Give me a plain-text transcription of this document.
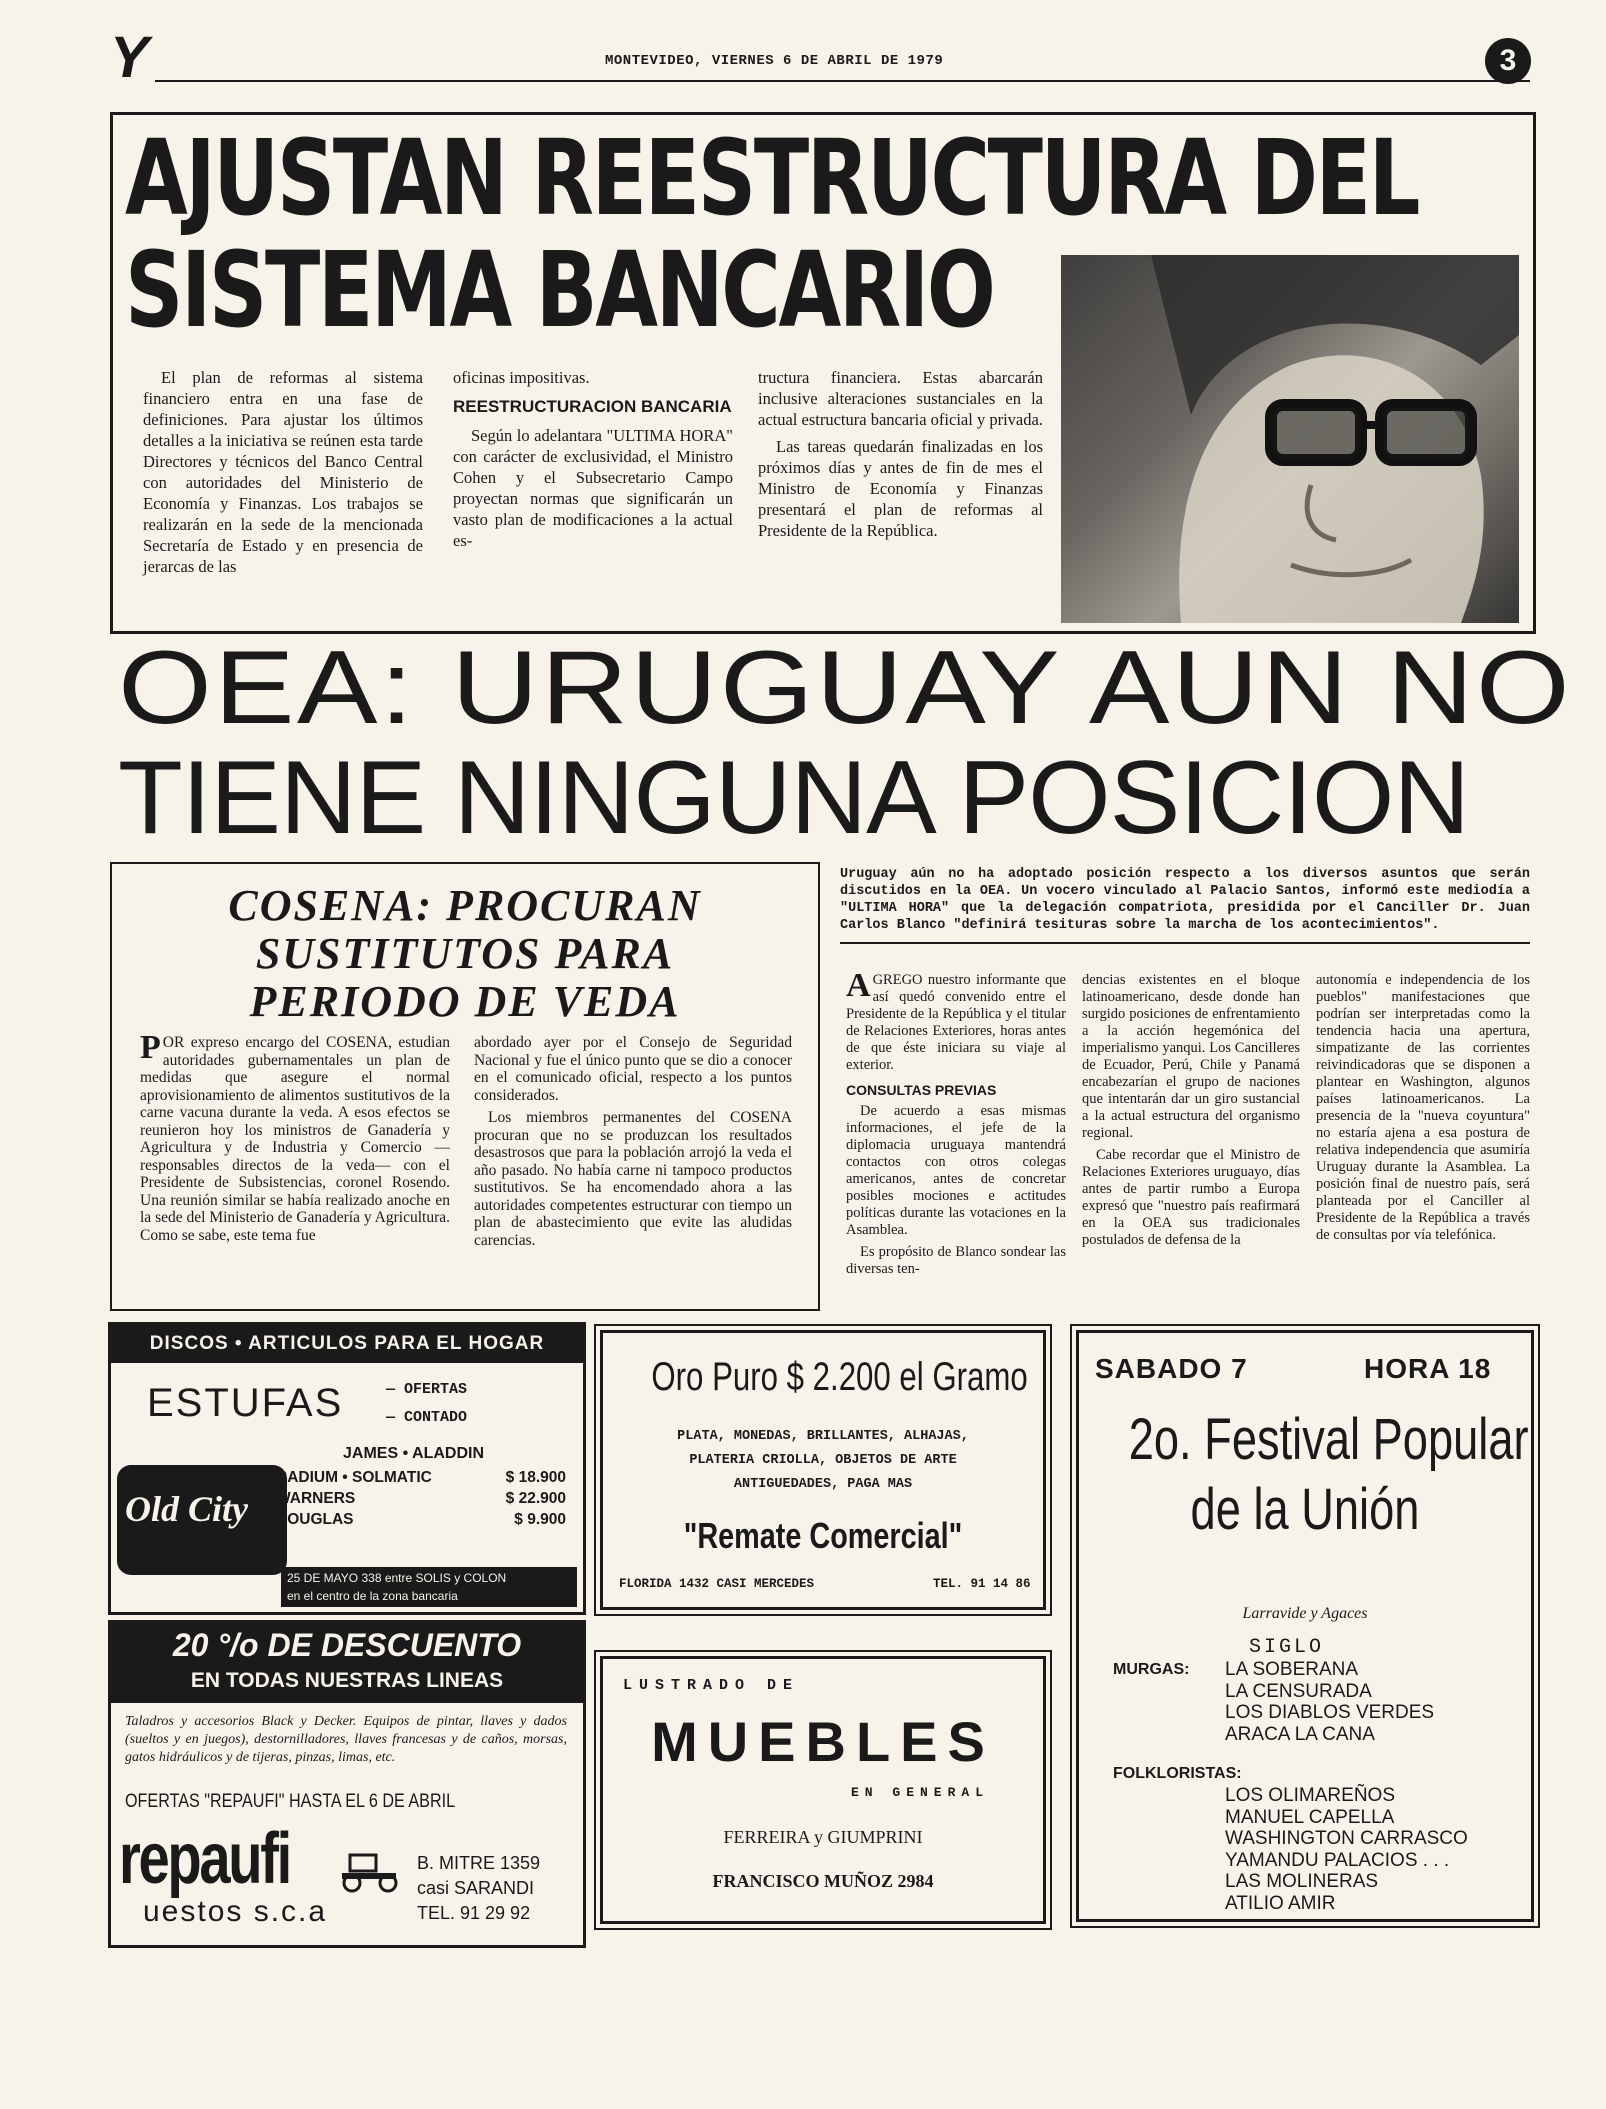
Y	MONTEVIDEO, VIERNES 6 DE ABRIL DE 1979	3
AJUSTAN REESTRUCTURA DEL
SISTEMA BANCARIO

El plan de reformas al sistema financiero entra en una fase de definiciones. Para ajustar los últimos detalles a la iniciativa se reúnen esta tarde Directores y técnicos del Banco Central con autoridades del Ministerio de Economía y Finanzas. Los trabajos se realizarán en la sede de la mencionada Secretaría de Estado y en presencia de jerarcas de las

oficinas impositivas.

REESTRUCTURACION BANCARIA

Según lo adelantara "ULTIMA HORA" con carácter de exclusividad, el Ministro Cohen y el Subsecretario Campo proyectan normas que significarán un vasto plan de modificaciones a la actual es-

tructura financiera. Estas abarcarán inclusive alteraciones sustanciales en la actual estructura bancaria oficial y privada.

Las tareas quedarán finalizadas en los próximos días y antes de fin de mes el Ministro de Economía y Finanzas presentará el plan de reformas al Presidente de la República.

OEA: URUGUAY AUN NO
TIENE NINGUNA POSICION
COSENA: PROCURAN
SUSTITUTOS PARA
PERIODO DE VEDA

POR expreso encargo del COSENA, estudian autoridades gubernamentales un plan de medidas que asegure el normal aprovisionamiento de alimentos sustitutivos de la carne vacuna durante la veda. A esos efectos se reunieron hoy los ministros de Ganadería y Agricultura y de Industria y Comercio —responsables directos de la veda— con el Presidente de Subsistencias, coronel Rosendo. Una reunión similar se había realizado anoche en la sede del Ministerio de Ganadería y Agricultura. Como se sabe, este tema fue

abordado ayer por el Consejo de Seguridad Nacional y fue el único punto que se dio a conocer en el comunicado oficial, respecto a los puntos considerados.

Los miembros permanentes del COSENA procuran que no se produzcan los resultados desastrosos que para la población arrojó la veda el año pasado. No había carne ni tampoco productos sustitutivos. Se ha encomendado ahora a las autoridades competentes estructurar con tiempo un plan de abastecimiento que evite las aludidas carencias.

Uruguay aún no ha adoptado posición respecto a los diversos asuntos que serán discutidos en la OEA. Un vocero vinculado al Palacio Santos, informó este mediodía a "ULTIMA HORA" que la delegación compatriota, presidida por el Canciller Dr. Juan Carlos Blanco "definirá tesituras sobre la marcha de los acontecimientos".

AGREGO nuestro informante que así quedó convenido entre el Presidente de la República y el titular de Relaciones Exteriores, horas antes de que éste iniciara su viaje al exterior.

CONSULTAS PREVIAS

De acuerdo a esas mismas informaciones, el jefe de la diplomacia uruguaya mantendrá contactos con otros colegas americanos, antes de concretar posibles mociones e actitudes políticas durante las votaciones en la Asamblea.

Es propósito de Blanco sondear las diversas ten-

dencias existentes en el bloque latinoamericano, desde donde han surgido posiciones de enfrentamiento a la acción hegemónica del imperialismo yanqui. Los Cancilleres de Ecuador, Perú, Chile y Panamá encabezarían el grupo de naciones que intentarán dar un giro sustancial a la actual estructura del organismo regional.

Cabe recordar que el Ministro de Relaciones Exteriores uruguayo, días antes de partir rumbo a Europa expresó que "nuestro país reafirmará en la OEA sus tradicionales postulados de defensa de la

autonomía e independencia de los pueblos" manifestaciones que podrían ser interpretadas como la tendencia hacia una apertura, simpatizante de las corrientes reivindicadoras que se disponen a plantear en Washington, algunos países latinoamericanos. La presencia de la "nueva coyuntura" no estaría ajena a esa postura de relativa independencia que asumiría Uruguay durante la Asamblea. La posición final de nuestro país, será planteada por el Canciller al Presidente de la República a través de consultas por vía telefónica.

DISCOS • ARTICULOS PARA EL HOGAR
ESTUFAS	— OFERTAS
— CONTADO
JAMES • ALADDIN
Old City
RADIUM • SOLMATIC	$ 18.900
WARNERS	$ 22.900
DOUGLAS	$ 9.900
25 DE MAYO 338 entre SOLIS y COLON
en el centro de la zona bancaria
Oro Puro $ 2.200 el Gramo
PLATA, MONEDAS, BRILLANTES, ALHAJAS,
PLATERIA CRIOLLA, OBJETOS DE ARTE
ANTIGUEDADES, PAGA MAS
"Remate Comercial"
FLORIDA 1432 CASI MERCEDES	TEL. 91 14 86
SABADO 7	HORA 18
2o. Festival Popular
de la Unión
Larravide y Agaces
SIGLO
MURGAS: LA SOBERANA
LA CENSURADA
LOS DIABLOS VERDES
ARACA LA CANA
FOLKLORISTAS:
LOS OLIMAREÑOS
MANUEL CAPELLA
WASHINGTON CARRASCO
YAMANDU PALACIOS . . .
LAS MOLINERAS
ATILIO AMIR
20 °/o DE DESCUENTO
EN TODAS NUESTRAS LINEAS
Taladros y accesorios Black y Decker. Equipos de pintar, llaves y dados (sueltos y en juegos), destornilladores, llaves francesas y de caños, morsas, gatos hidráulicos y de tijeras, pinzas, limas, etc.
OFERTAS "REPAUFI" HASTA EL 6 DE ABRIL
repaufi
uestos s.c.a
B. MITRE 1359
casi SARANDI
TEL. 91 29 92
LUSTRADO DE
MUEBLES
EN GENERAL
FERREIRA y GIUMPRINI
FRANCISCO MUÑOZ 2984
